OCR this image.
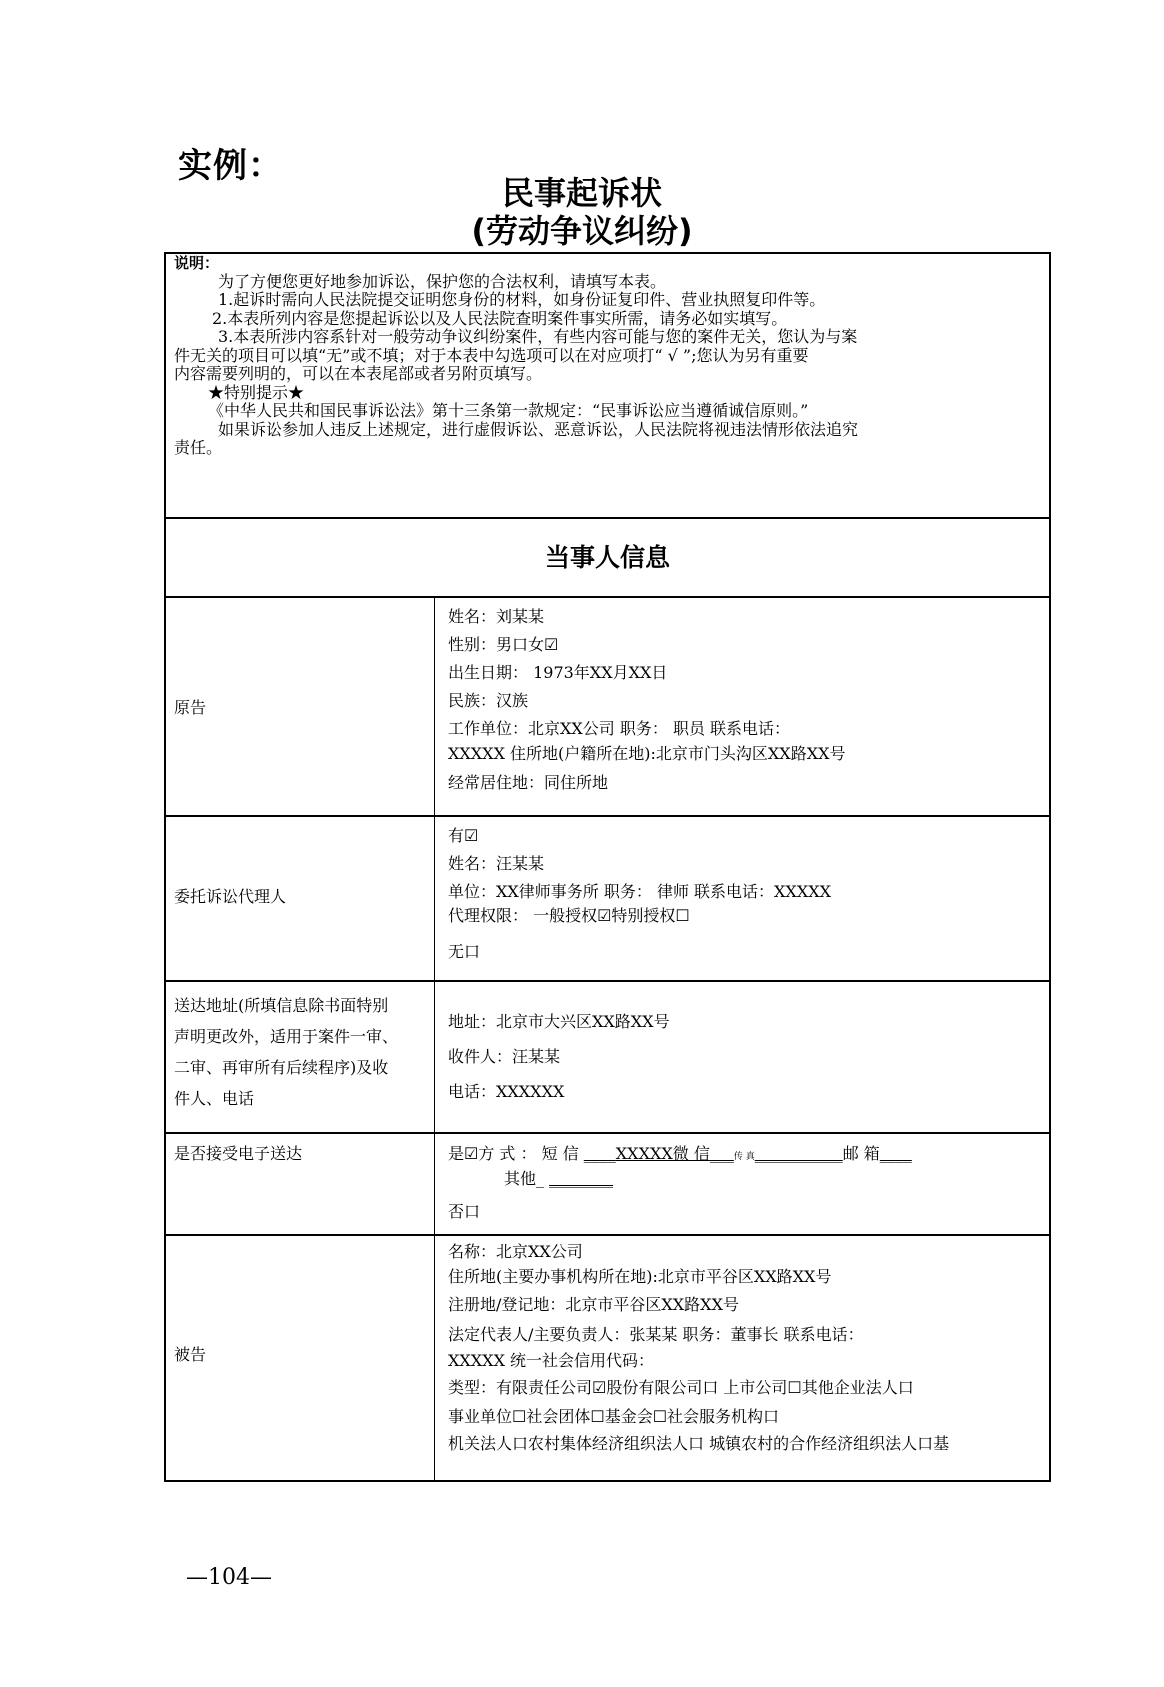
实例：
民事起诉状
(劳动争议纠纷)
说明：
为了方便您更好地参加诉讼，保护您的合法权利，请填写本表。
1.起诉时需向人民法院提交证明您身份的材料，如身份证复印件、营业执照复印件等。
2.本表所列内容是您提起诉讼以及人民法院查明案件事实所需，请务必如实填写。
3.本表所涉内容系针对一般劳动争议纠纷案件，有些内容可能与您的案件无关，您认为与案
件无关的项目可以填“无”或不填；对于本表中勾选项可以在对应项打“ √ ”;您认为另有重要
内容需要列明的，可以在本表尾部或者另附页填写。
★特别提示★
《中华人民共和国民事诉讼法》第十三条第一款规定：“民事诉讼应当遵循诚信原则。”
如果诉讼参加人违反上述规定，进行虚假诉讼、恶意诉讼，人民法院将视违法情形依法追究
责任。
当事人信息
原告
姓名：刘某某
性别：男口女☑
出生日期： 1973年XX月XX日
民族：汉族
工作单位：北京XX公司 职务： 职员 联系电话：
XXXXX 住所地(户籍所在地):北京市门头沟区XX路XX号
经常居住地：同住所地
委托诉讼代理人
有☑
姓名：汪某某
单位：XX律师事务所 职务： 律师 联系电话：XXXXX
代理权限： 一般授权☑特别授权☐
无口
送达地址(所填信息除书面特别
声明更改外，适用于案件一审、
二审、再审所有后续程序)及收
件人、电话
地址：北京市大兴区XX路XX号
收件人：汪某某
电话：XXXXXX
是否接受电子送达	是☑方 式 ： 短 信 ____XXXXX微 信___传 真___________邮 箱____
其他_ ________
否口
被告
名称：北京XX公司
住所地(主要办事机构所在地):北京市平谷区XX路XX号
注册地/登记地：北京市平谷区XX路XX号
法定代表人/主要负责人：张某某 职务：董事长 联系电话：
XXXXX 统一社会信用代码：
类型：有限责任公司☑股份有限公司口 上市公司☐其他企业法人口
事业单位☐社会团体☐基金会☐社会服务机构口
机关法人口农村集体经济组织法人口 城镇农村的合作经济组织法人口基
—104—
